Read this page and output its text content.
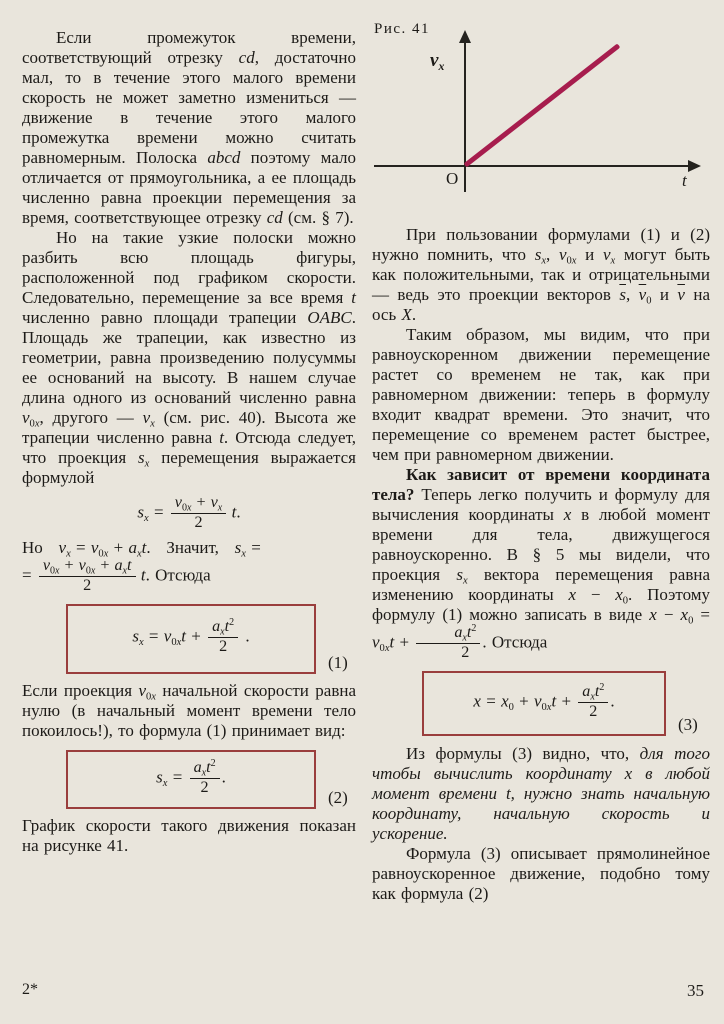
Если промежуток времени, соответствующий отрезку cd, достаточно мал, то в течение этого малого времени скорость не может заметно измениться — движение в течение этого малого промежутка времени можно считать равномерным. Полоска abcd поэтому мало отличается от прямоугольника, а ее площадь численно равна проекции перемещения за время, соответствующее отрезку cd (см. § 7).

Но на такие узкие полоски можно разбить всю площадь фигуры, расположенной под графиком скорости. Следовательно, перемещение за все время t численно равно площади трапеции OABC. Площадь же трапеции, как известно из геометрии, равна произведению полусуммы ее оснований на высоту. В нашем случае длина одного из оснований численно равна $v_{0x}$, другого — $v_x$ (см. рис. 40). Высота же трапеции численно равна t. Отсюда следует, что проекция $s_x$ перемещения выражается формулой

$s_x = \frac{v_{0x} + v_x}{2}$
  t.

Но   $v_x = v_{0x} + a_xt$.   Значит,   $s_x$ =
= $v_{0x} + v_{0x} + a_xt$
2
 t. Отсюда

$s_x = v_{0x}t + a_xt^2$
2
.
(1)

Если проекция $v_{0x}$ начальной скорости равна нулю (в начальный момент времени тело покоилось!), то формула (1) принимает вид:

$s_x = a_xt^2$
2
.
(2)

График скорости такого движения показан на рисунке 41.

Рис. 41
$v_x$
t
O

При пользовании формулами (1) и (2) нужно помнить, что $s_x$, $v_{0x}$ и $v_x$ могут быть как положительными, так и отрицательными — ведь это проекции векторов $\overline{s}$, $\overline{v}_0$ и $\overline{v}$ на ось X.

Таким образом, мы видим, что при равноускоренном движении перемещение растет со временем не так, как при равномерном движении: теперь в формулу входит квадрат времени. Это значит, что перемещение со временем растет быстрее, чем при равномерном движении.

Как зависит от времени координата тела? Теперь легко получить и формулу для вычисления координаты x в любой момент времени для тела, движущегося равноускоренно. В § 5 мы видели, что проекция $s_x$ вектора перемещения равна изменению координаты $x - x_0$. Поэтому формулу (1) можно записать в виде $x - x_0 = v_{0x}t$ +	$a_xt^2$
2
. Отсюда

$x = x_0 + v_{0x}t + a_xt^2$
2
.
(3)

Из формулы (3) видно, что, для того чтобы вычислить координату x в любой момент времени t, нужно знать начальную координату, начальную скорость и ускорение.

Формула (3) описывает прямолинейное равноускоренное движение, подобно тому как формула (2)

2*	35
